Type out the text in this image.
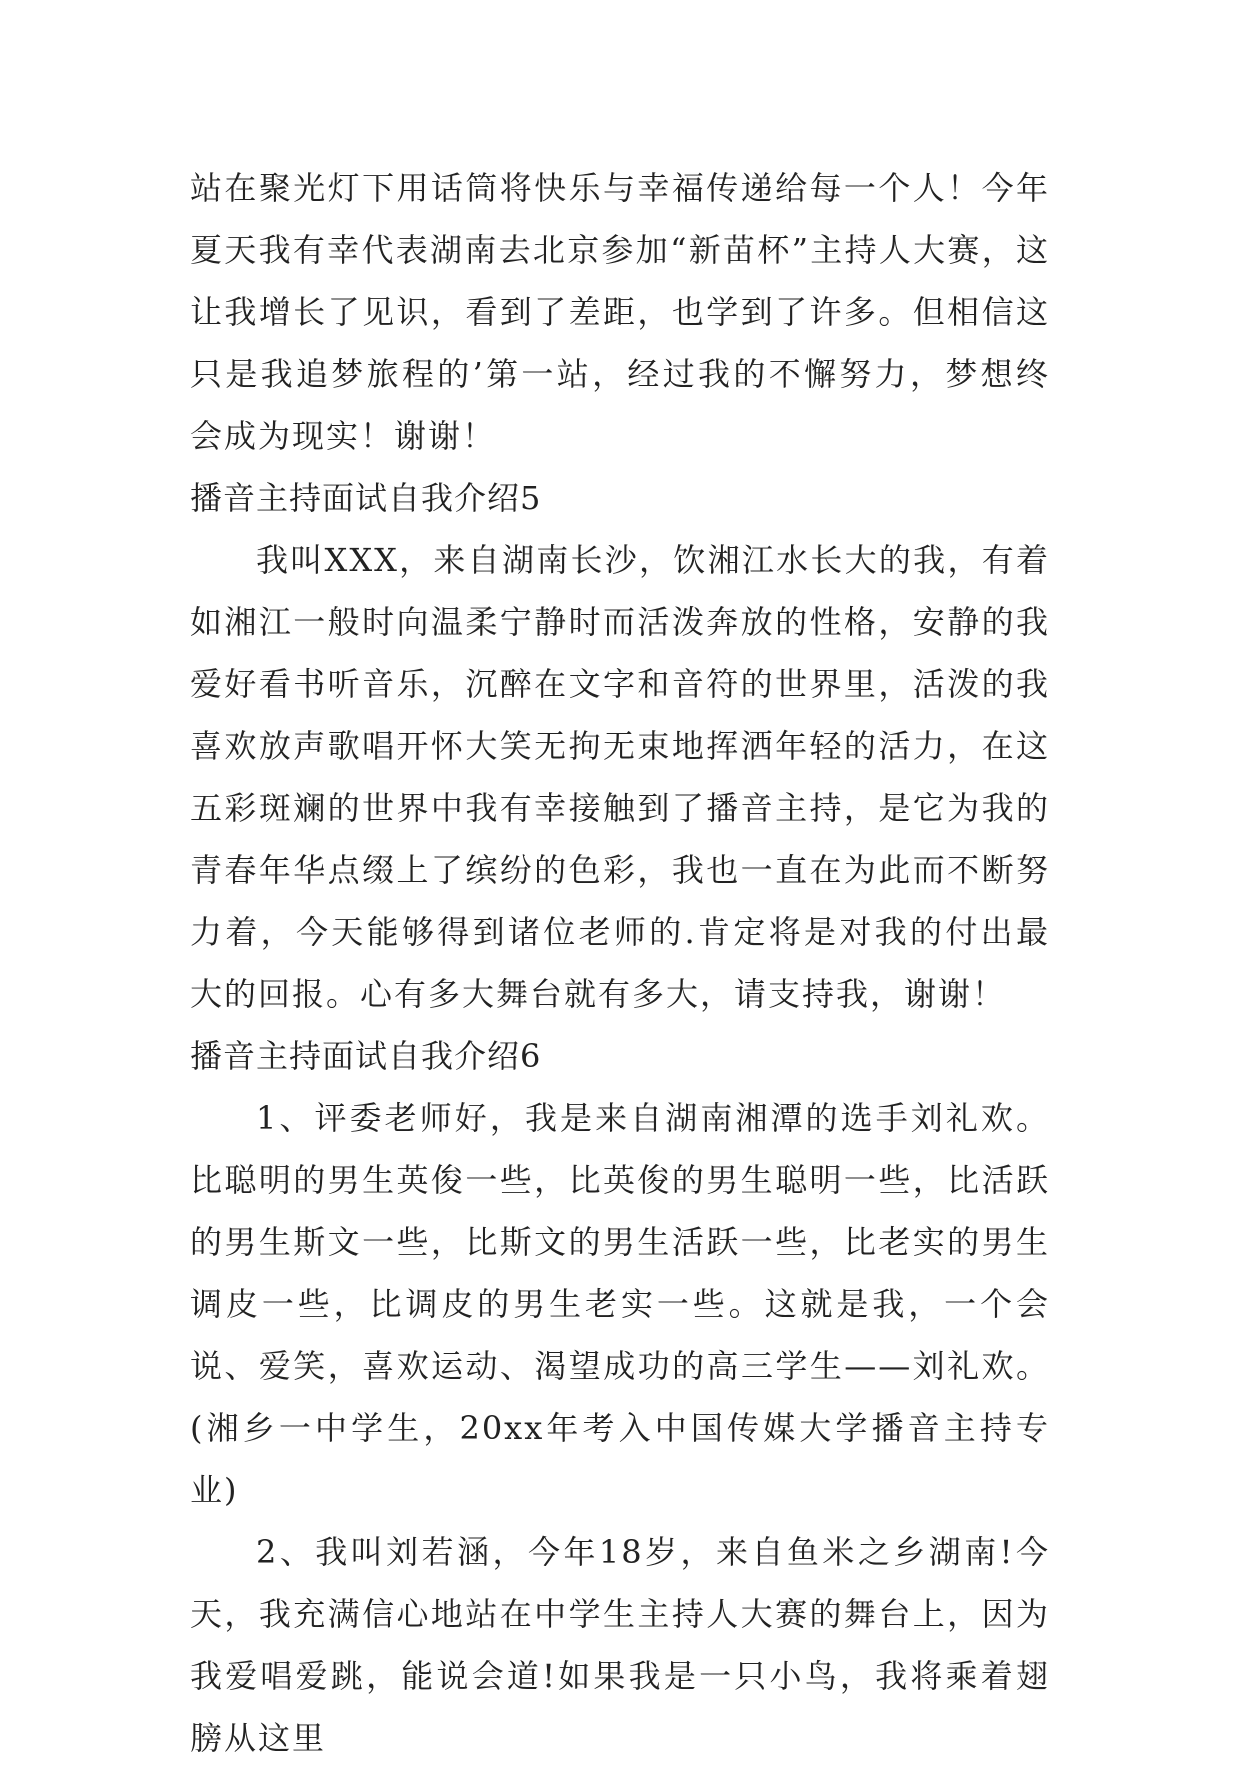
站在聚光灯下用话筒将快乐与幸福传递给每一个人！今年夏天我有幸代表湖南去北京参加“新苗杯”主持人大赛，这让我增长了见识，看到了差距，也学到了许多。但相信这只是我追梦旅程的’第一站，经过我的不懈努力，梦想终会成为现实！谢谢！

播音主持面试自我介绍5

我叫XXX，来自湖南长沙，饮湘江水长大的我，有着如湘江一般时向温柔宁静时而活泼奔放的性格，安静的我爱好看书听音乐，沉醉在文字和音符的世界里，活泼的我喜欢放声歌唱开怀大笑无拘无束地挥洒年轻的活力，在这五彩斑斓的世界中我有幸接触到了播音主持，是它为我的青春年华点缀上了缤纷的色彩，我也一直在为此而不断努力着，今天能够得到诸位老师的.肯定将是对我的付出最大的回报。心有多大舞台就有多大，请支持我，谢谢！

播音主持面试自我介绍6

1、评委老师好，我是来自湖南湘潭的选手刘礼欢。比聪明的男生英俊一些，比英俊的男生聪明一些，比活跃的男生斯文一些，比斯文的男生活跃一些，比老实的男生调皮一些，比调皮的男生老实一些。这就是我，一个会说、爱笑，喜欢运动、渴望成功的高三学生——刘礼欢。(湘乡一中学生，20xx年考入中国传媒大学播音主持专业)

2、我叫刘若涵，今年18岁，来自鱼米之乡湖南!今天，我充满信心地站在中学生主持人大赛的舞台上，因为我爱唱爱跳，能说会道!如果我是一只小鸟，我将乘着翅膀从这里
